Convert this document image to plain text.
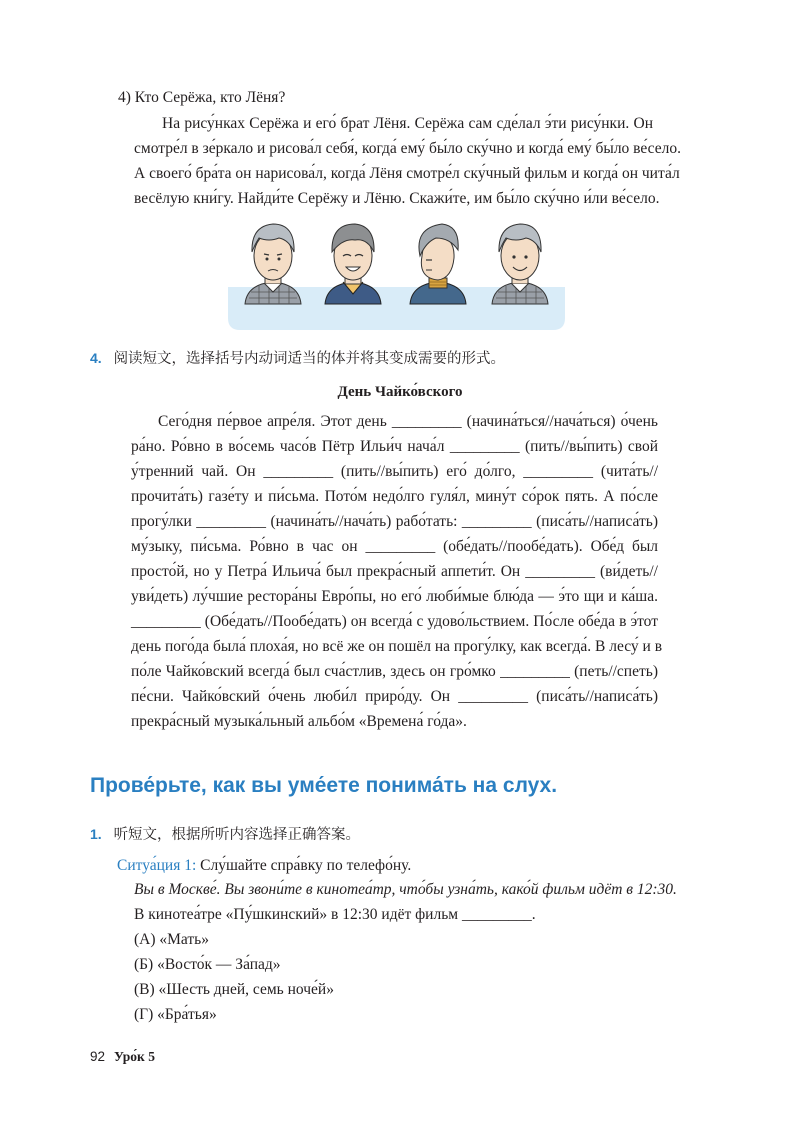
4) Кто Серёжа, кто Лёня?
На рису́нках Серёжа и его́ брат Лёня. Серёжа сам сде́лал э́ти рису́нки. Он
смотре́л в зе́ркало и рисова́л себя́, когда́ ему́ бы́ло ску́чно и когда́ ему́ бы́ло ве́село.
А своего́ бра́та он нарисова́л, когда́ Лёня смотре́л ску́чный фильм и когда́ он чита́л
весёлую кни́гу. Найди́те Серёжу и Лёню. Скажи́те, им бы́ло ску́чно и́ли ве́село.
4. 阅读短文，选择括号内动词适当的体并将其变成需要的形式。
День Чайко́вского
Сего́дня пе́рвое апре́ля. Этот день _________ (начина́ться//нача́ться) о́чень
ра́но. Ро́вно в во́семь часо́в Пётр Ильи́ч нача́л _________ (пить//вы́пить) свой
у́тренний чай. Он _________ (пить//вы́пить) его́ до́лго, _________ (чита́ть//
прочита́ть) газе́ту и пи́сьма. Пото́м недо́лго гуля́л, мину́т со́рок пять. А по́сле
прогу́лки _________ (начина́ть//нача́ть) рабо́тать: _________ (писа́ть//написа́ть)
му́зыку, пи́сьма. Ро́вно в час он _________ (обе́дать//пообе́дать). Обе́д был
просто́й, но у Петра́ Ильича́ был прекра́сный аппети́т. Он _________ (ви́деть//
уви́деть) лу́чшие рестора́ны Евро́пы, но его́ люби́мые блю́да — э́то щи и ка́ша.
_________ (Обе́дать//Пообе́дать) он всегда́ с удово́льствием. По́сле обе́да в э́тот
день пого́да была́ плоха́я, но всё же он пошёл на прогу́лку, как всегда́. В лесу́ и в
по́ле Чайко́вский всегда́ был сча́стлив, здесь он гро́мко _________ (петь//спеть)
пе́сни. Чайко́вский о́чень люби́л приро́ду. Он _________ (писа́ть//написа́ть)
прекра́сный музыка́льный альбо́м «Времена́ го́да».
Прове́рьте, как вы уме́ете понима́ть на слух.
1. 听短文，根据所听内容选择正确答案。
Ситуа́ция 1: Слу́шайте спра́вку по телефо́ну.
Вы в Москве́. Вы звони́те в кинотеа́тр, что́бы узна́ть, како́й фильм идёт в 12:30.
В кинотеа́тре «Пу́шкинский» в 12:30 идёт фильм _________.
(А) «Мать»
(Б) «Восто́к — За́пад»
(В) «Шесть дней, семь ноче́й»
(Г) «Бра́тья»
92 Уро́к 5
